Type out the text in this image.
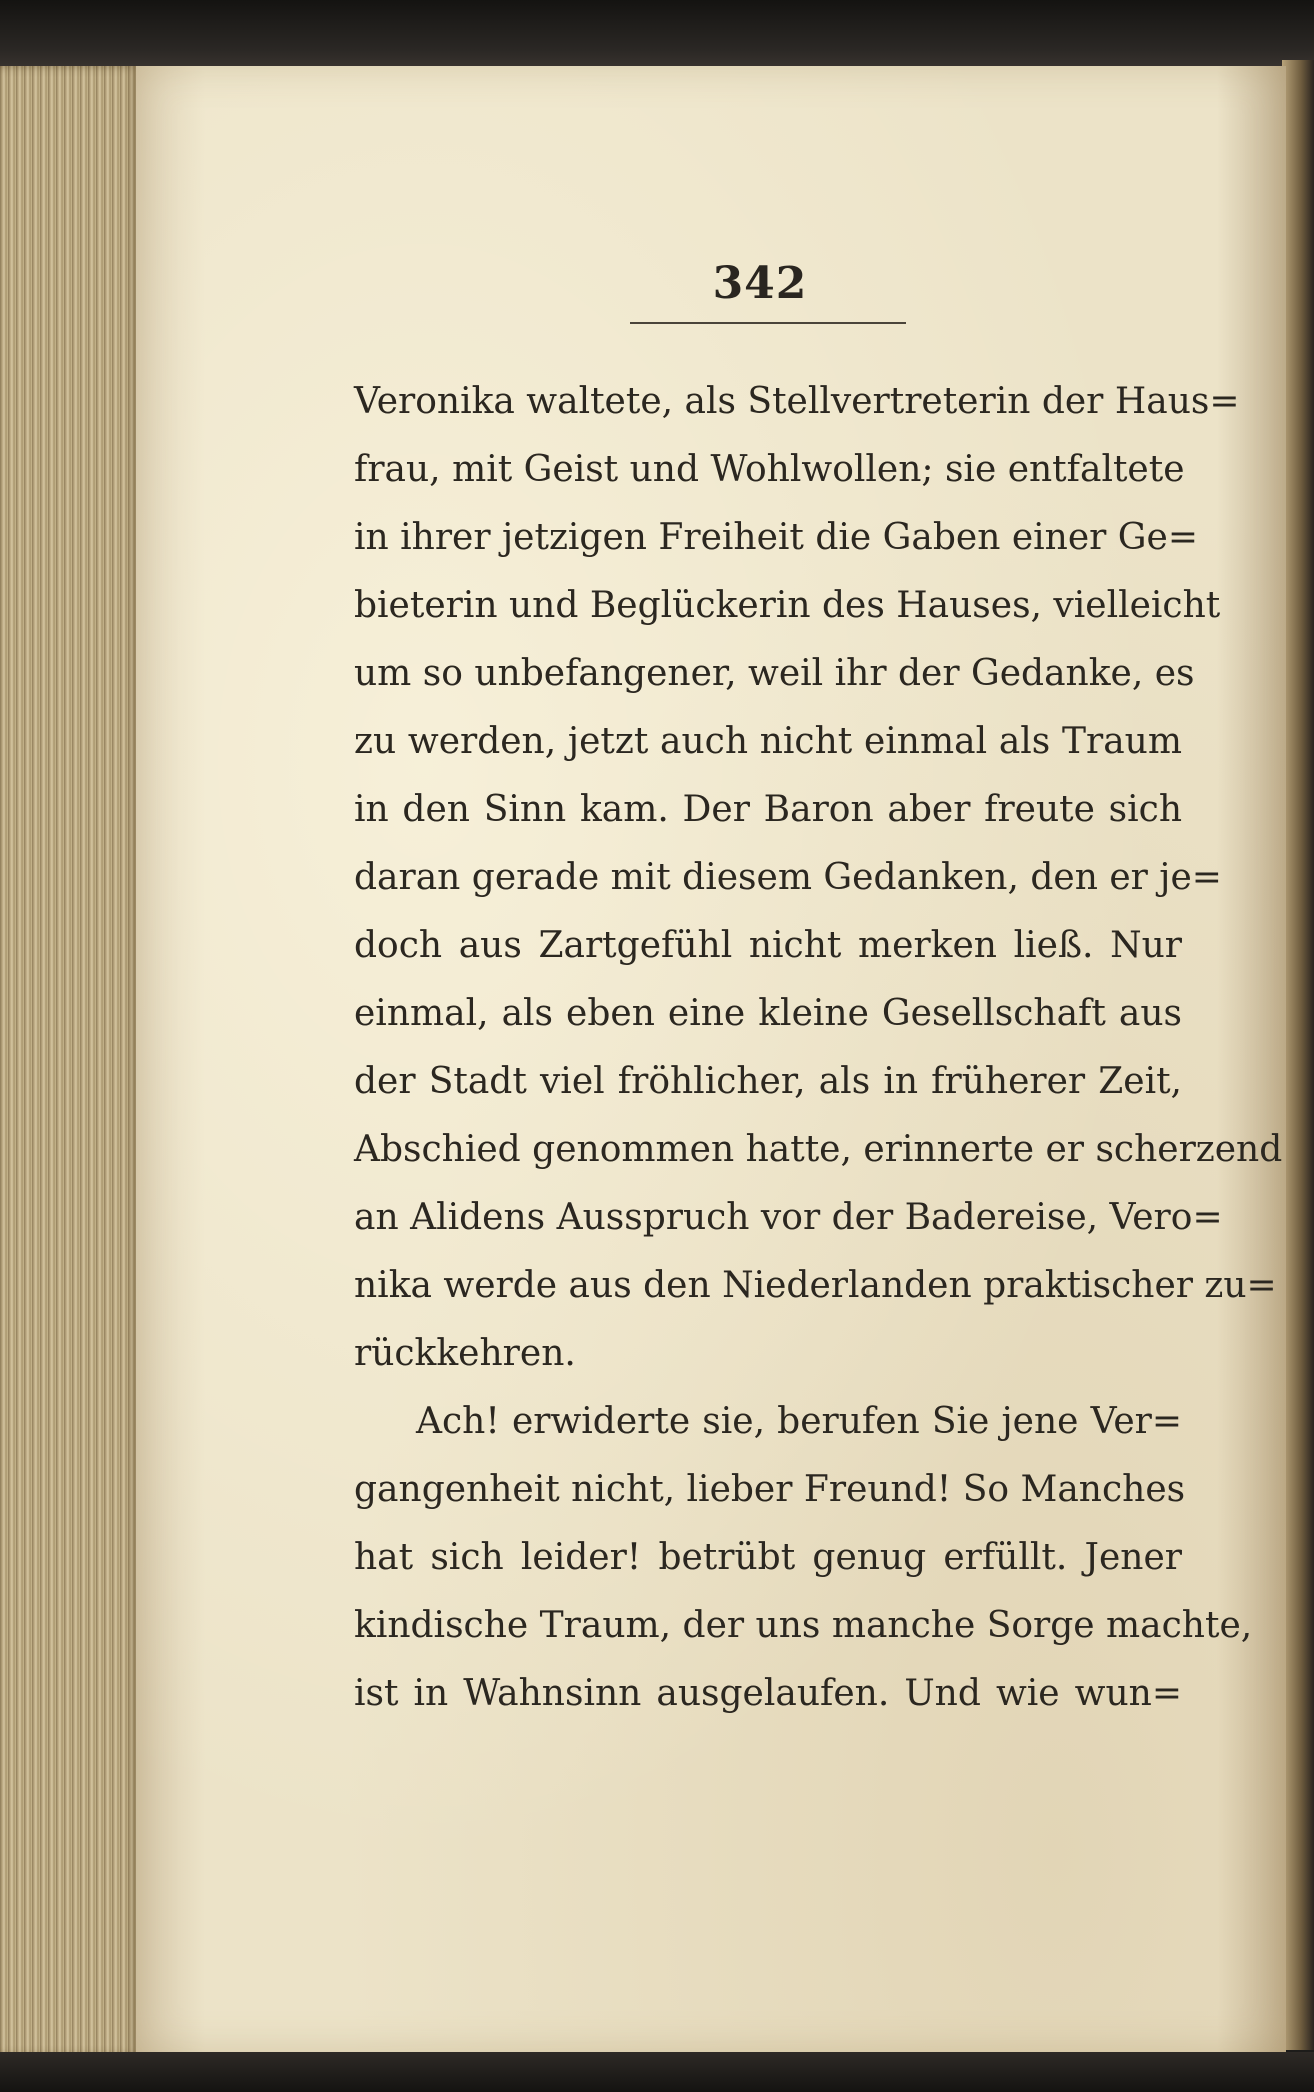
342
Veronika waltete, als Stellvertreterin der Haus=
frau, mit Geist und Wohlwollen; sie entfaltete
in ihrer jetzigen Freiheit die Gaben einer Ge=
bieterin und Beglückerin des Hauses, vielleicht
um so unbefangener, weil ihr der Gedanke, es
zu werden, jetzt auch nicht einmal als Traum
in den Sinn kam. Der Baron aber freute sich
daran gerade mit diesem Gedanken, den er je=
doch aus Zartgefühl nicht merken ließ. Nur
einmal, als eben eine kleine Gesellschaft aus
der Stadt viel fröhlicher, als in früherer Zeit,
Abschied genommen hatte, erinnerte er scherzend
an Alidens Ausspruch vor der Badereise, Vero=
nika werde aus den Niederlanden praktischer zu=
rückkehren.
Ach! erwiderte sie, berufen Sie jene Ver=
gangenheit nicht, lieber Freund! So Manches
hat sich leider! betrübt genug erfüllt. Jener
kindische Traum, der uns manche Sorge machte,
ist in Wahnsinn ausgelaufen. Und wie wun=
